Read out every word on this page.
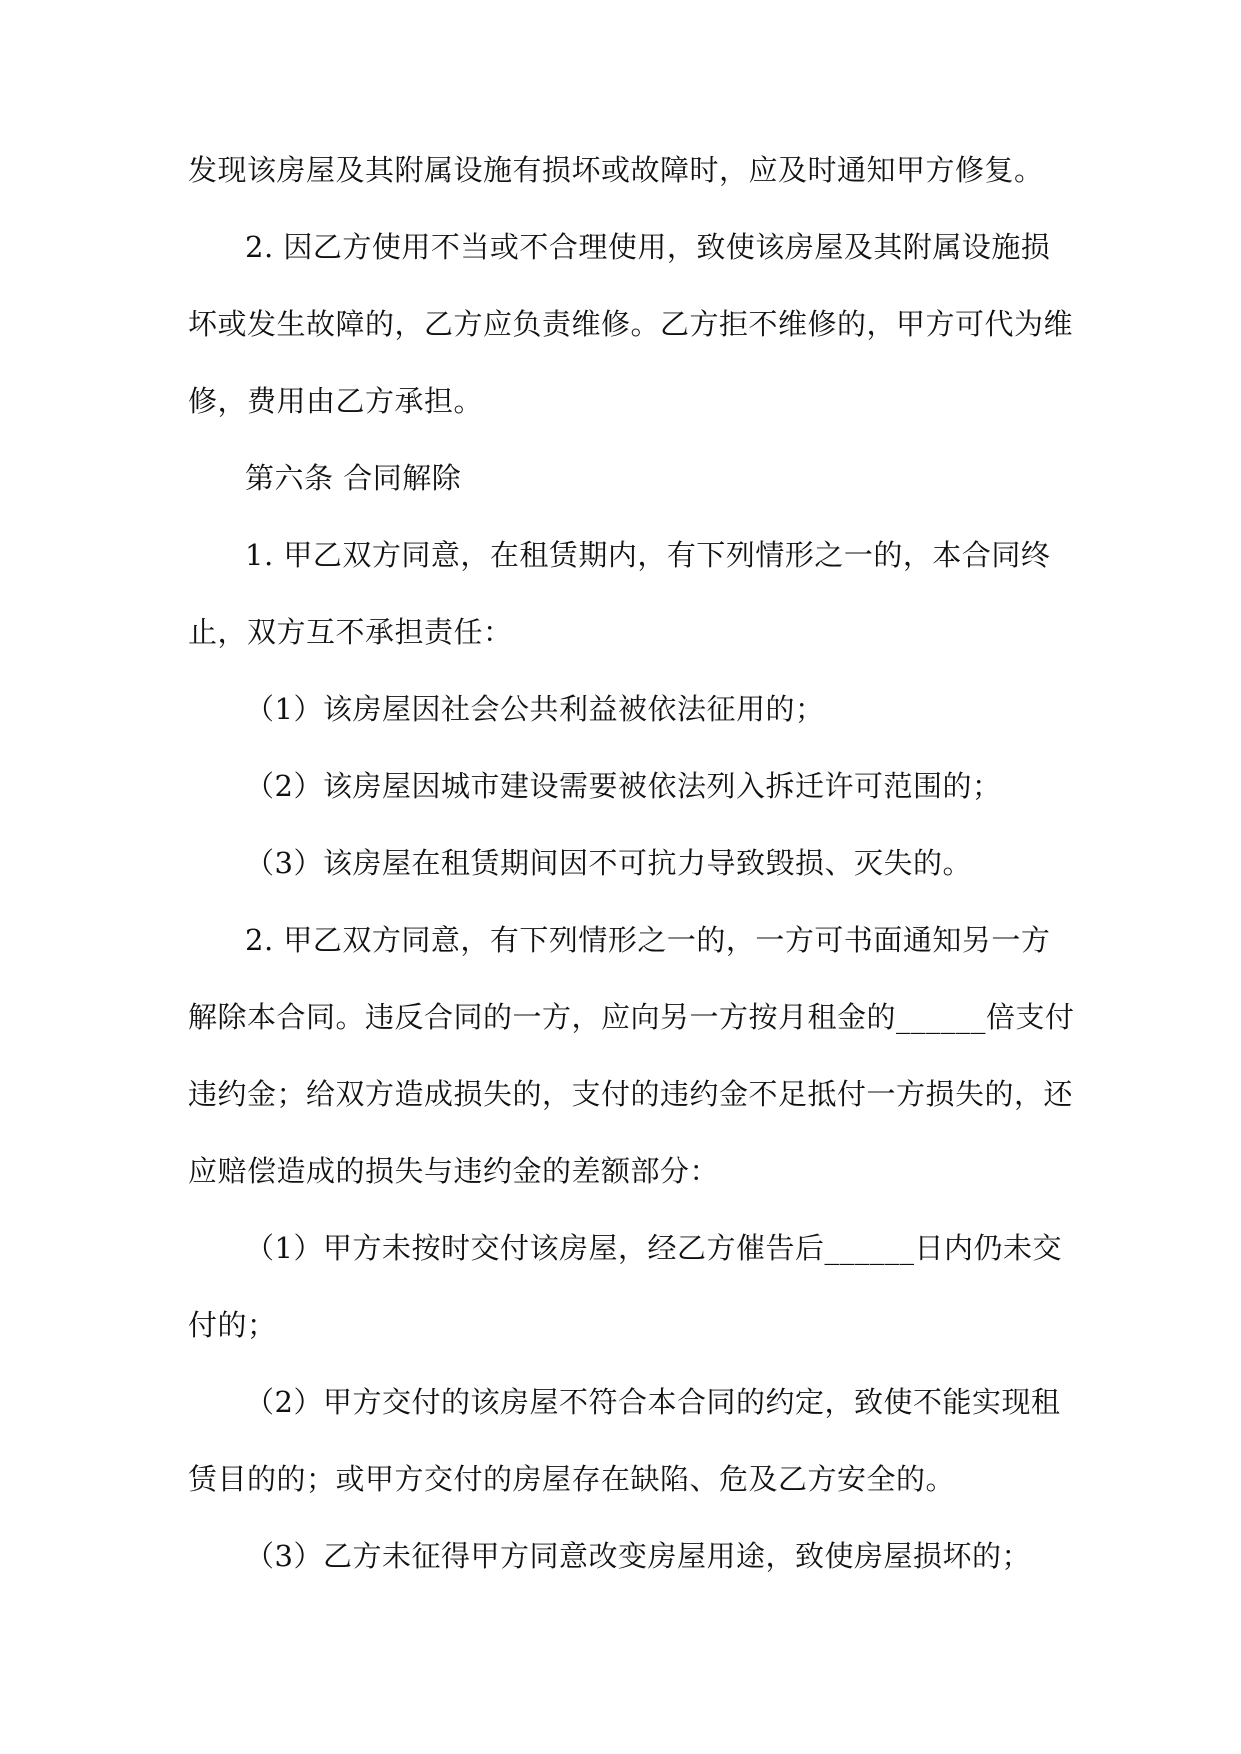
发现该房屋及其附属设施有损坏或故障时，应及时通知甲方修复。
2. 因乙方使用不当或不合理使用，致使该房屋及其附属设施损
坏或发生故障的，乙方应负责维修。乙方拒不维修的，甲方可代为维
修，费用由乙方承担。
第六条 合同解除
1. 甲乙双方同意，在租赁期内，有下列情形之一的，本合同终
止，双方互不承担责任：
（1）该房屋因社会公共利益被依法征用的；
（2）该房屋因城市建设需要被依法列入拆迁许可范围的；
（3）该房屋在租赁期间因不可抗力导致毁损、灭失的。
2. 甲乙双方同意，有下列情形之一的，一方可书面通知另一方
解除本合同。违反合同的一方，应向另一方按月租金的______倍支付
违约金；给双方造成损失的，支付的违约金不足抵付一方损失的，还
应赔偿造成的损失与违约金的差额部分：
（1）甲方未按时交付该房屋，经乙方催告后______日内仍未交
付的；
（2）甲方交付的该房屋不符合本合同的约定，致使不能实现租
赁目的的；或甲方交付的房屋存在缺陷、危及乙方安全的。
（3）乙方未征得甲方同意改变房屋用途，致使房屋损坏的；
